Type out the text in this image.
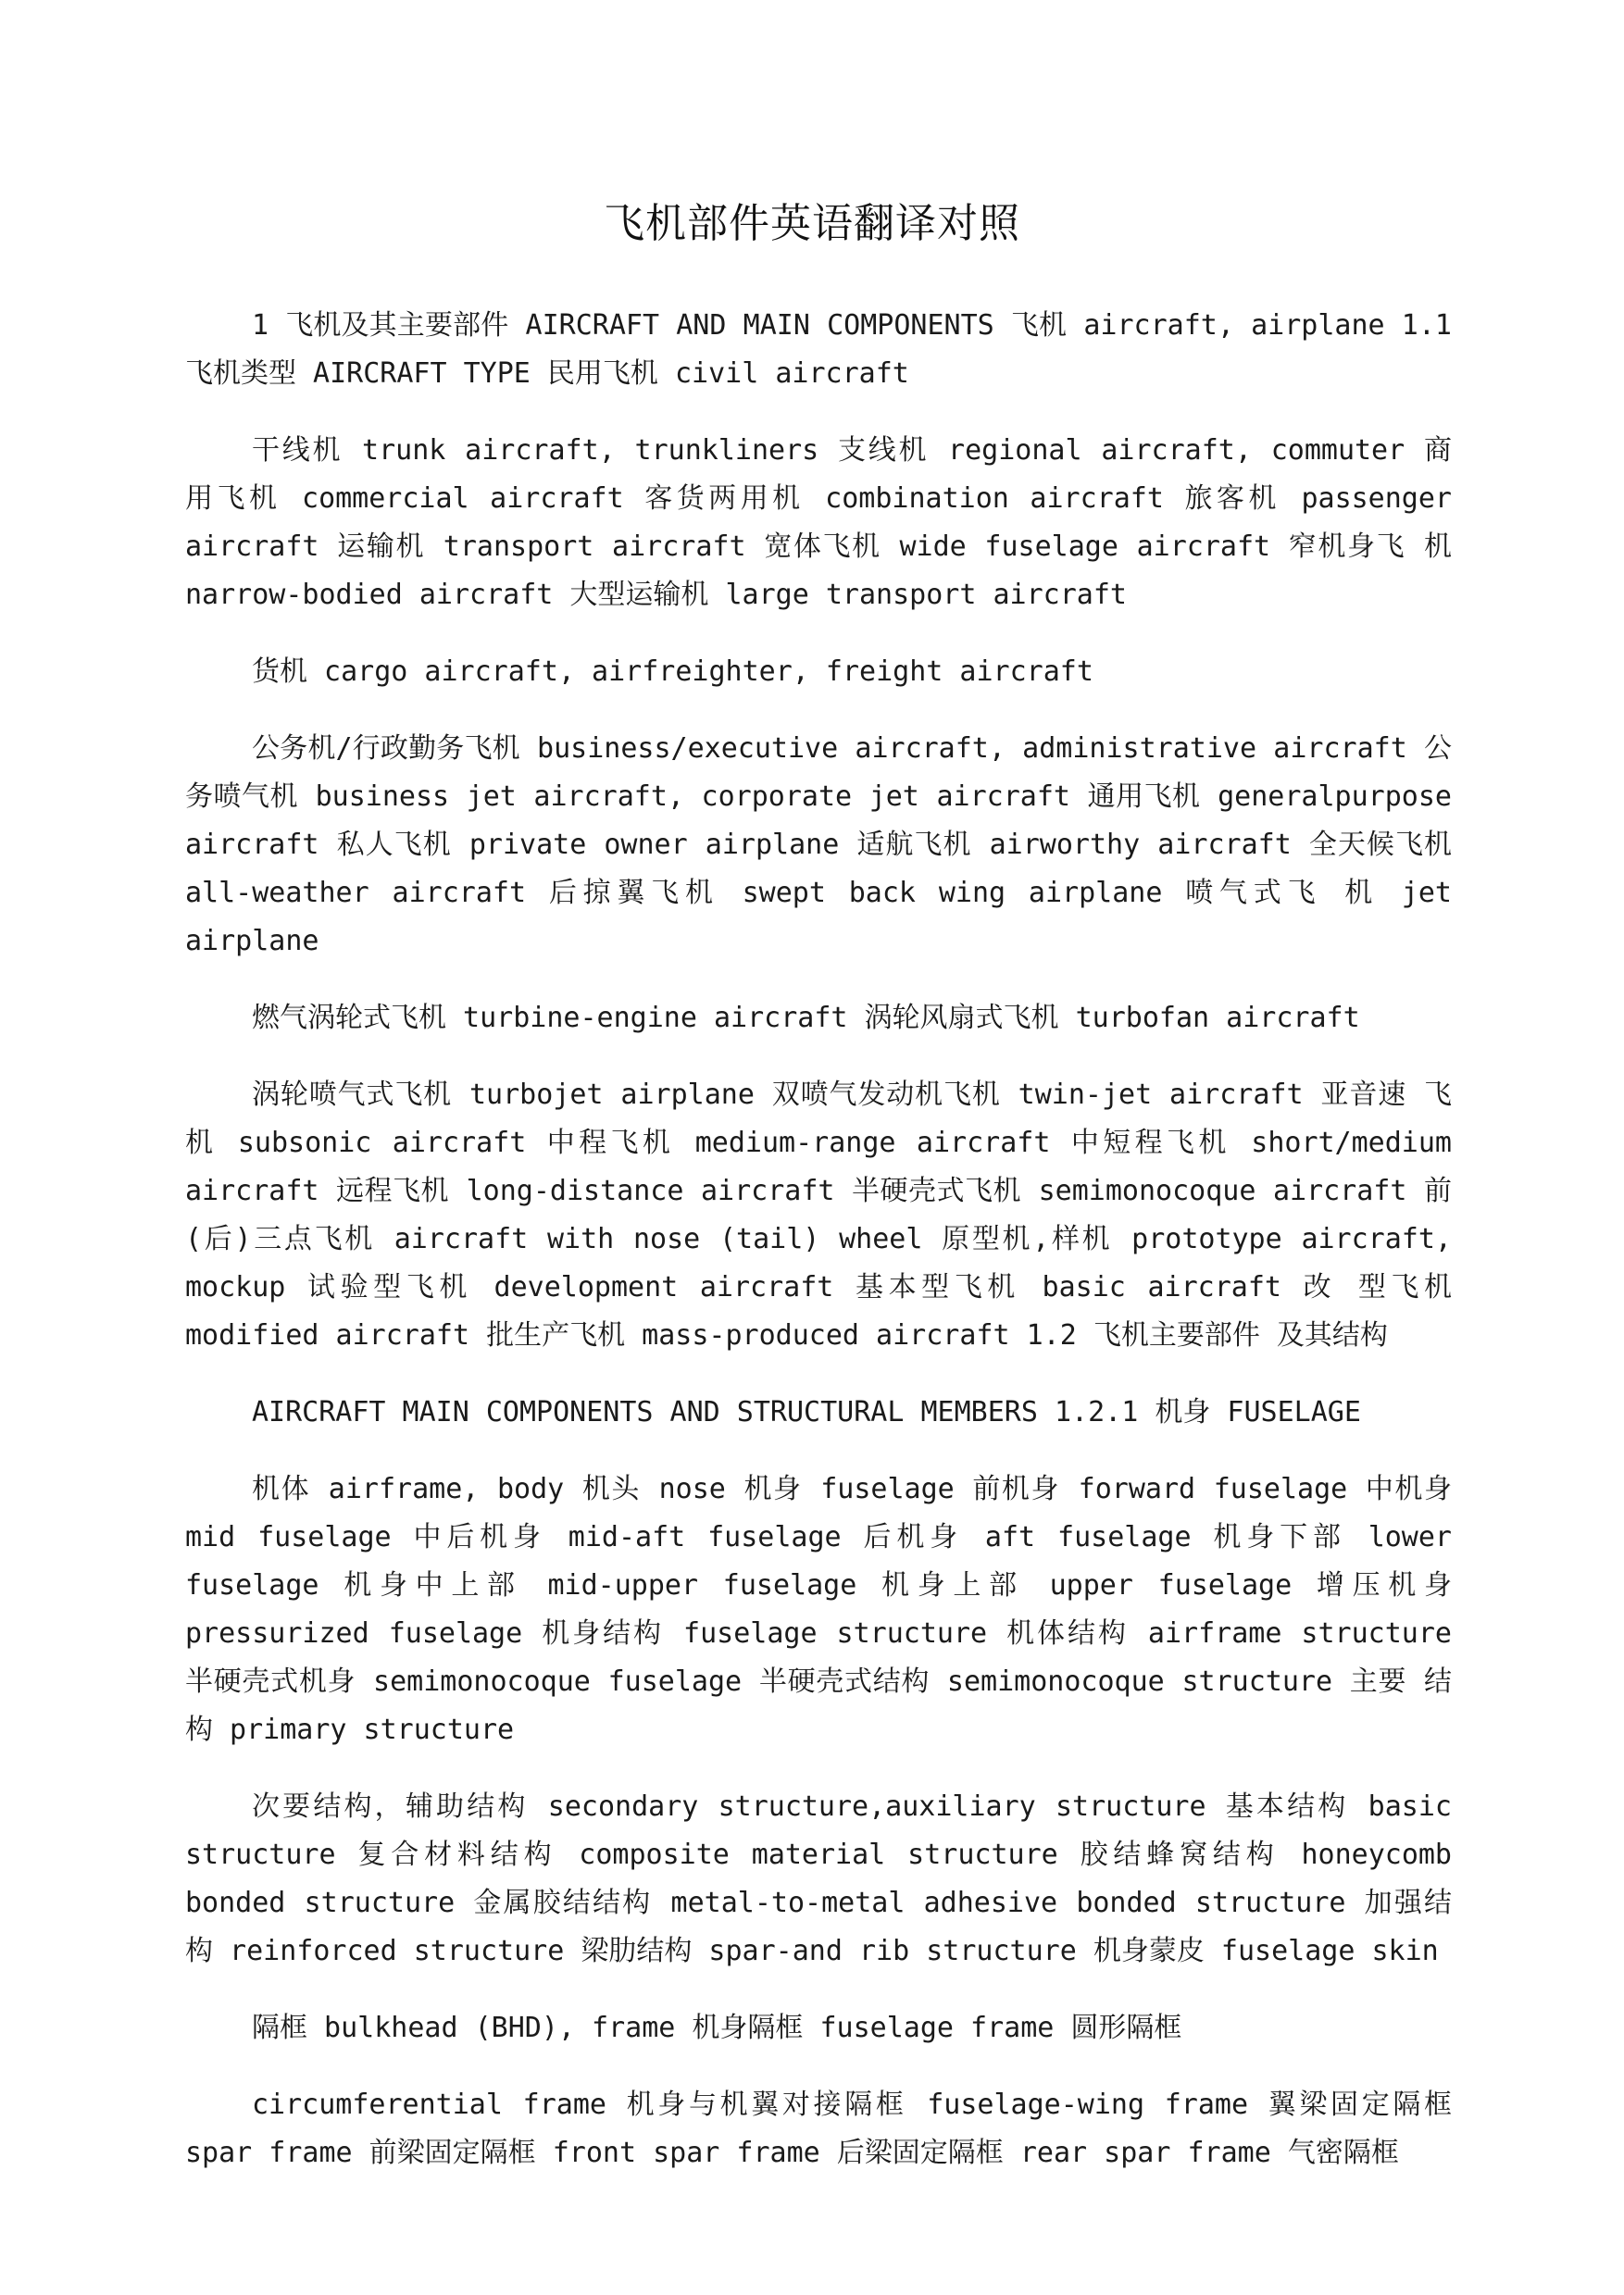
飞机部件英语翻译对照

1 飞机及其主要部件 AIRCRAFT AND MAIN COMPONENTS 飞机 aircraft, airplane 1.1 飞机类型 AIRCRAFT TYPE 民用飞机 civil aircraft

干线机 trunk aircraft, trunkliners 支线机 regional aircraft, commuter 商 用飞机 commercial aircraft 客货两用机 combination aircraft 旅客机 passenger aircraft 运输机 transport aircraft 宽体飞机 wide fuselage aircraft 窄机身飞 机 narrow-bodied aircraft 大型运输机 large transport aircraft

货机 cargo aircraft, airfreighter, freight aircraft

公务机/行政勤务飞机 business/executive aircraft, administrative aircraft 公务喷气机 business jet aircraft, corporate jet aircraft 通用飞机 generalpurpose aircraft 私人飞机 private owner airplane 适航飞机 airworthy aircraft 全天候飞机 all-weather aircraft 后掠翼飞机 swept back wing airplane 喷气式飞 机 jet airplane

燃气涡轮式飞机 turbine-engine aircraft 涡轮风扇式飞机 turbofan aircraft

涡轮喷气式飞机 turbojet airplane 双喷气发动机飞机 twin-jet aircraft 亚音速 飞机 subsonic aircraft 中程飞机 medium-range aircraft 中短程飞机 short/medium aircraft 远程飞机 long-distance aircraft 半硬壳式飞机 semimonocoque aircraft 前(后)三点飞机 aircraft with nose (tail) wheel 原型机,样机 prototype aircraft, mockup 试验型飞机 development aircraft 基本型飞机 basic aircraft 改 型飞机 modified aircraft 批生产飞机 mass-produced aircraft 1.2 飞机主要部件 及其结构

AIRCRAFT MAIN COMPONENTS AND STRUCTURAL MEMBERS 1.2.1 机身 FUSELAGE

机体 airframe, body 机头 nose 机身 fuselage 前机身 forward fuselage 中机身 mid fuselage 中后机身 mid-aft fuselage 后机身 aft fuselage 机身下部 lower fuselage 机身中上部 mid-upper fuselage 机身上部 upper fuselage 增压机身 pressurized fuselage 机身结构 fuselage structure 机体结构 airframe structure 半硬壳式机身 semimonocoque fuselage 半硬壳式结构 semimonocoque structure 主要 结构 primary structure

次要结构，辅助结构 secondary structure,auxiliary structure 基本结构 basic structure 复合材料结构 composite material structure 胶结蜂窝结构 honeycomb bonded structure 金属胶结结构 metal-to-metal adhesive bonded structure 加强结 构 reinforced structure 梁肋结构 spar-and rib structure 机身蒙皮 fuselage skin

隔框 bulkhead (BHD), frame 机身隔框 fuselage frame 圆形隔框

circumferential frame 机身与机翼对接隔框 fuselage-wing frame 翼梁固定隔框 spar frame 前梁固定隔框 front spar frame 后梁固定隔框 rear spar frame 气密隔框
